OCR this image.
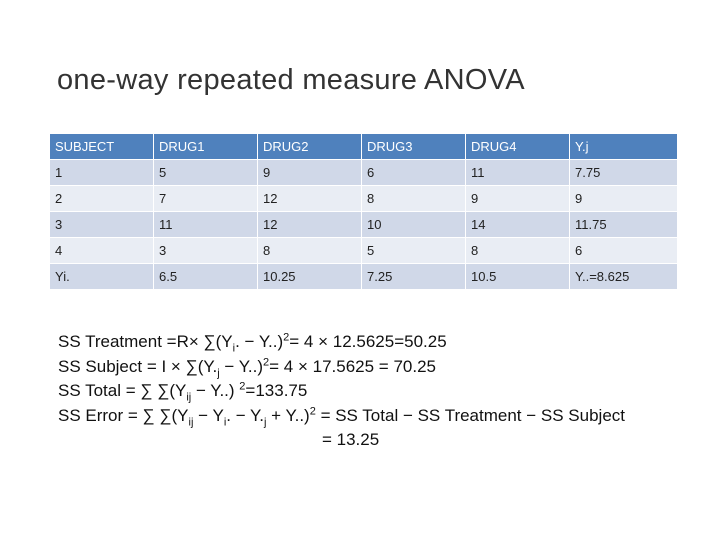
one-way repeated measure ANOVA
SUBJECT	DRUG1	DRUG2	DRUG3	DRUG4	Y.j
1	5	9	6	11	7.75
2	7	12	8	9	9
3	11	12	10	14	11.75
4	3	8	5	8	6
Yi.	6.5	10.25	7.25	10.5	Y..=8.625
SS Treatment $=R\times \sum(Y_i$. − Y..)$^2$= 4 × 12.5625=50.25
SS Subject = $I \times \sum(Y._j - Y..)^2= 4 \times 17.5625 = 70.25$
SS Total = ∑ $\sum(Y_{ij} - Y..)$ $^2$=133.75
SS Error = ∑ $\sum(Y_{ij} - Y_i$. − $Y._j + Y..)^2$ = SS Total − SS Treatment − SS Subject
= 13.25
